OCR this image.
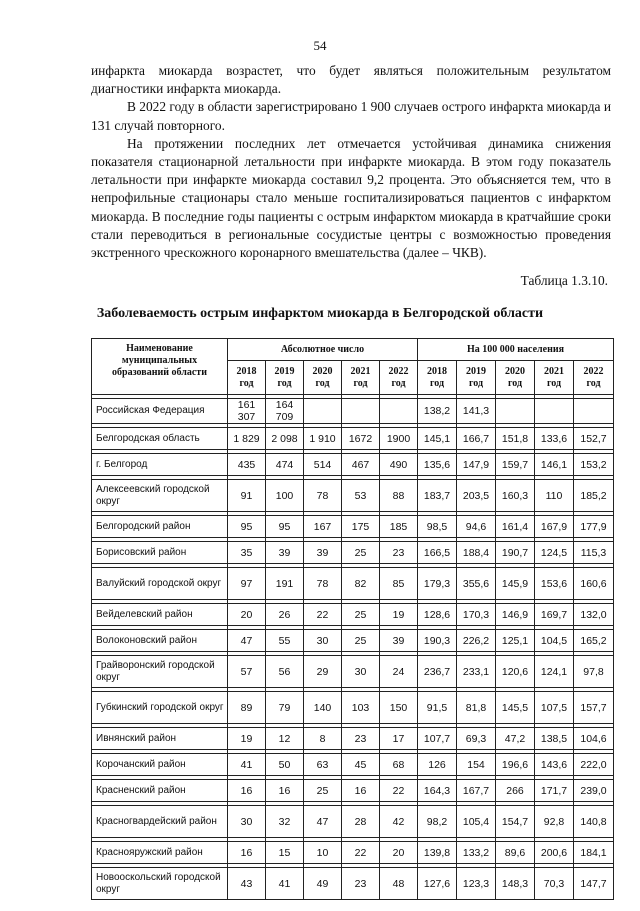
54

инфаркта миокарда возрастет, что будет являться положительным результатом диагностики инфаркта миокарда.

В 2022 году в области зарегистрировано 1 900 случаев острого инфаркта миокарда и 131 случай повторного.

На протяжении последних лет отмечается устойчивая динамика снижения показателя стационарной летальности при инфаркте миокарда. В этом году показатель летальности при инфаркте миокарда составил 9,2 процента. Это объясняется тем, что в непрофильные стационары стало меньше госпитализироваться пациентов с инфарктом миокарда. В последние годы пациенты с острым инфарктом миокарда в кратчайшие сроки стали переводиться в региональные сосудистые центры с возможностью проведения экстренного чрескожного коронарного вмешательства (далее – ЧКВ).

Таблица 1.3.10.
Заболеваемость острым инфарктом миокарда в Белгородской области
Наименование муниципальных образований области	Абсолютное число					На 100 000 населения				
	2018 год	2019 год	2020 год	2021 год	2022 год	2018 год	2019 год	2020 год	2021 год	2022 год

Российская Федерация	161 307	164 709				138,2	141,3			

Белгородская область	1 829	2 098	1 910	1672	1900	145,1	166,7	151,8	133,6	152,7

г. Белгород	435	474	514	467	490	135,6	147,9	159,7	146,1	153,2

Алексеевский городской округ	91	100	78	53	88	183,7	203,5	160,3	110	185,2

Белгородский район	95	95	167	175	185	98,5	94,6	161,4	167,9	177,9

Борисовский район	35	39	39	25	23	166,5	188,4	190,7	124,5	115,3

Валуйский городской округ	97	191	78	82	85	179,3	355,6	145,9	153,6	160,6

Вейделевский район	20	26	22	25	19	128,6	170,3	146,9	169,7	132,0

Волоконовский район	47	55	30	25	39	190,3	226,2	125,1	104,5	165,2

Грайворонский городской округ	57	56	29	30	24	236,7	233,1	120,6	124,1	97,8

Губкинский городской округ	89	79	140	103	150	91,5	81,8	145,5	107,5	157,7

Ивнянский район	19	12	8	23	17	107,7	69,3	47,2	138,5	104,6

Корочанский район	41	50	63	45	68	126	154	196,6	143,6	222,0

Красненский район	16	16	25	16	22	164,3	167,7	266	171,7	239,0

Красногвардейский район	30	32	47	28	42	98,2	105,4	154,7	92,8	140,8

Краснояружский район	16	15	10	22	20	139,8	133,2	89,6	200,6	184,1

Новооскольский городской округ	43	41	49	23	48	127,6	123,3	148,3	70,3	147,7
